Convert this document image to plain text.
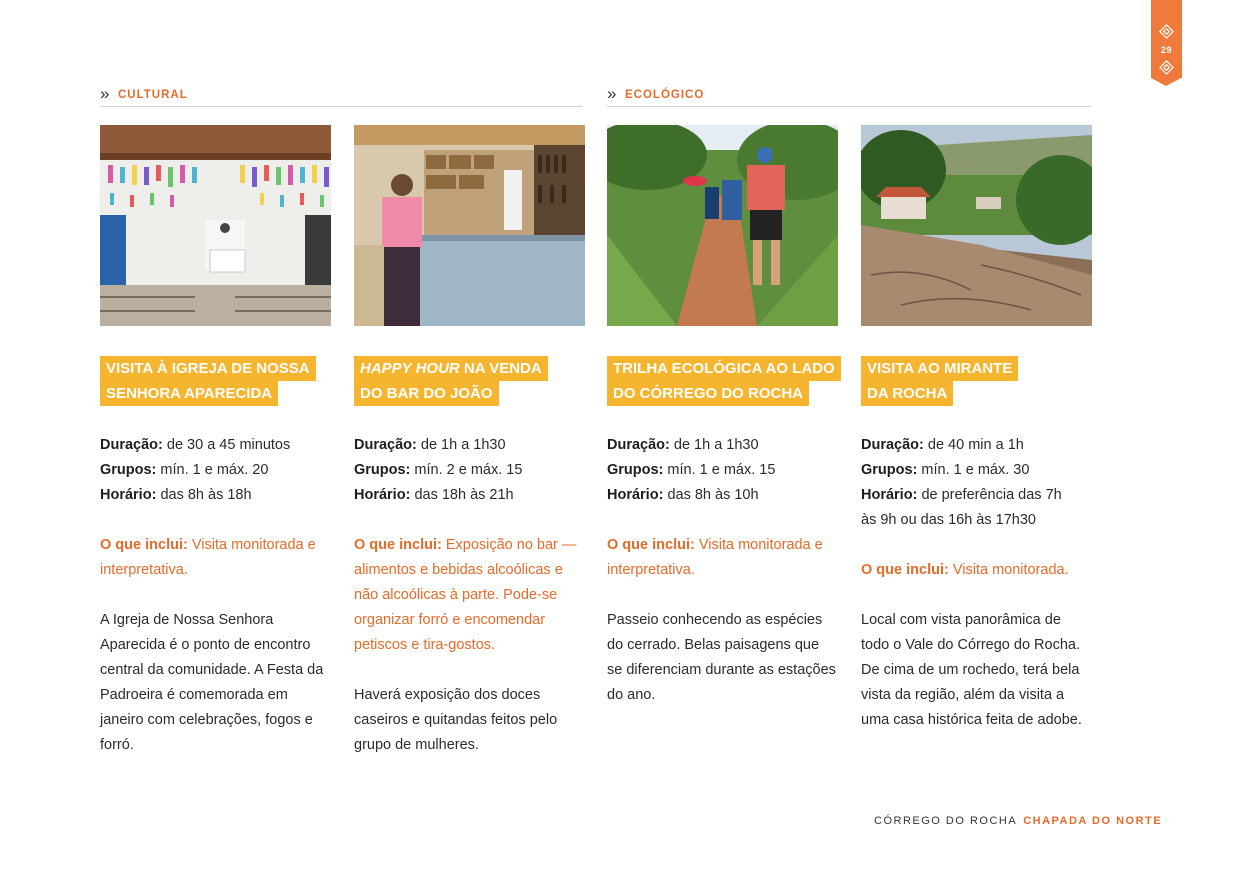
29
» CULTURAL	» ECOLÓGICO
VISITA À IGREJA DE NOSSA
SENHORA APARECIDA

Duração: de 30 a 45 minutos

Grupos: mín. 1 e máx. 20

Horário: das 8h às 18h

O que inclui: Visita monitorada e interpretativa.

A Igreja de Nossa Senhora Aparecida é o ponto de encontro central da comunidade. A Festa da Padroeira é comemorada em janeiro com celebrações, fogos e forró.

HAPPY HOUR NA VENDA
DO BAR DO JOÃO

Duração: de 1h a 1h30

Grupos: mín. 2 e máx. 15

Horário: das 18h às 21h

O que inclui: Exposição no bar — alimentos e bebidas alcoólicas e não alcoólicas à parte. Pode-se organizar forró e encomendar petiscos e tira-gostos.

Haverá exposição dos doces caseiros e quitandas feitos pelo grupo de mulheres.

TRILHA ECOLÓGICA AO LADO
DO CÓRREGO DO ROCHA

Duração: de 1h a 1h30

Grupos: mín. 1 e máx. 15

Horário: das 8h às 10h

O que inclui: Visita monitorada e interpretativa.

Passeio conhecendo as espécies do cerrado. Belas paisagens que se diferenciam durante as estações do ano.

VISITA AO MIRANTE
DA ROCHA

Duração: de 40 min a 1h

Grupos: mín. 1 e máx. 30

Horário: de preferência das 7h às 9h ou das 16h às 17h30

O que inclui: Visita monitorada.

Local com vista panorâmica de todo o Vale do Córrego do Rocha. De cima de um rochedo, terá bela vista da região, além da visita a uma casa histórica feita de adobe.

CÓRREGO DO ROCHA CHAPADA DO NORTE
